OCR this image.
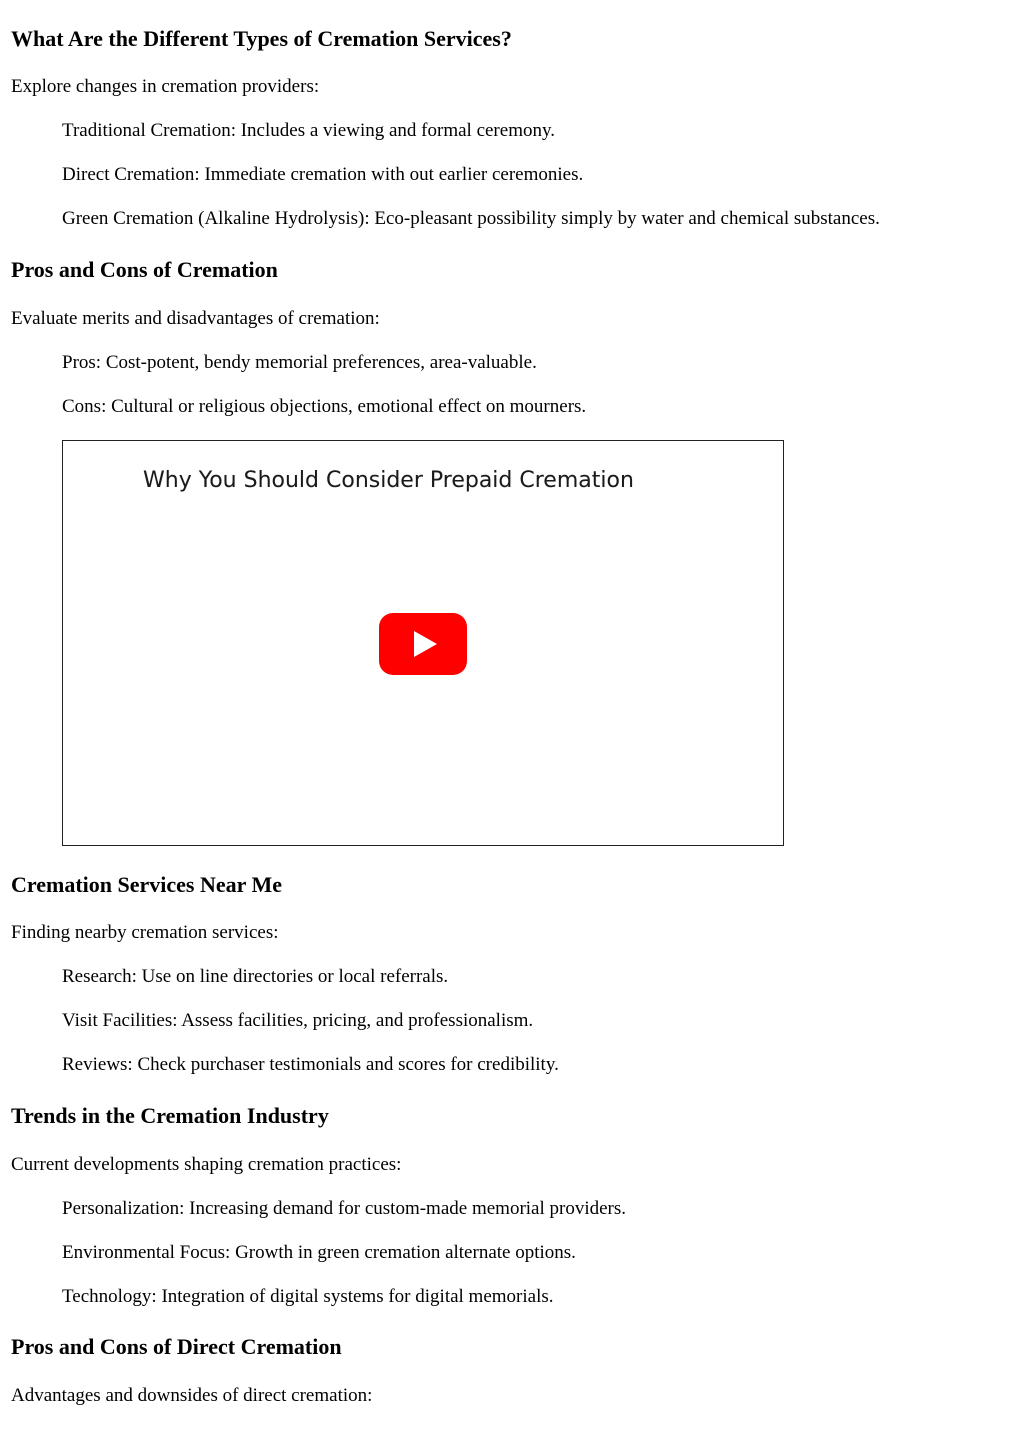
What Are the Different Types of Cremation Services?

Explore changes in cremation providers:

Traditional Cremation: Includes a viewing and formal ceremony.
Direct Cremation: Immediate cremation with out earlier ceremonies.
Green Cremation (Alkaline Hydrolysis): Eco-pleasant possibility simply by water and chemical substances.
Pros and Cons of Cremation

Evaluate merits and disadvantages of cremation:

Pros: Cost-potent, bendy memorial preferences, area-valuable.
Cons: Cultural or religious objections, emotional effect on mourners.
Why You Should Consider Prepaid Cremation
Cremation Services Near Me

Finding nearby cremation services:

Research: Use on line directories or local referrals.
Visit Facilities: Assess facilities, pricing, and professionalism.
Reviews: Check purchaser testimonials and scores for credibility.
Trends in the Cremation Industry

Current developments shaping cremation practices:

Personalization: Increasing demand for custom-made memorial providers.
Environmental Focus: Growth in green cremation alternate options.
Technology: Integration of digital systems for digital memorials.
Pros and Cons of Direct Cremation

Advantages and downsides of direct cremation:
